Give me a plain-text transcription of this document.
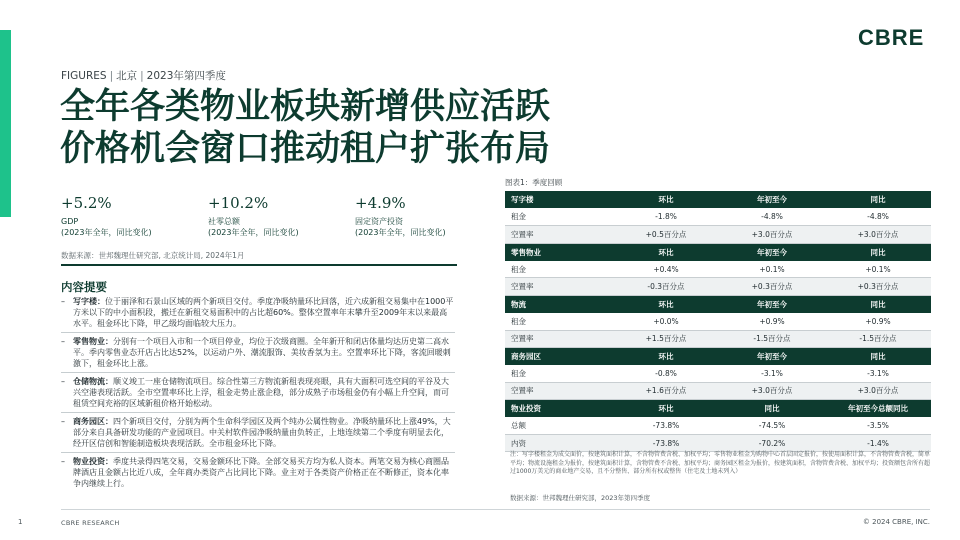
CBRE
FIGURES | 北京 | 2023年第四季度
全年各类物业板块新增供应活跃
价格机会窗口推动租户扩张布局
+5.2%
GDP
(2023年全年，同比变化)
+10.2%
社零总额
(2023年全年，同比变化)
+4.9%
固定资产投资
(2023年全年，同比变化)
数据来源：世邦魏理仕研究部, 北京统计局, 2024年1月
内容提要
– 写字楼：位于丽泽和石景山区域的两个新项目交付。季度净吸纳量环比回落，近六成新租交易集中在1000平方米以下的中小面积段，搬迁在新租交易面积中的占比超60%。整体空置率年末攀升至2009年末以来最高水平。租金环比下降，甲乙级均面临较大压力。
– 零售物业：分别有一个项目入市和一个项目停业，均位于次级商圈。全年新开和闭店体量均达历史第二高水平。季内零售业态开店占比达52%，以运动户外、潮流服饰、美妆香氛为主。空置率环比下降，客流回暖刺激下，租金环比上涨。
– 仓储物流：顺义竣工一座仓储物流项目。综合性第三方物流新租表现亮眼，具有大面积可选空间的平谷及大兴空港表现活跃。全市空置率环比上浮，租金走势止涨企稳，部分成熟子市场租金仍有小幅上升空间，而可租赁空间充裕的区域新租价格开始松动。
– 商务园区：四个新项目交付，分别为两个生命科学园区及两个纯办公属性物业。净吸纳量环比上涨49%，大部分来自具备研发功能的产业园项目。中关村软件园净吸纳量由负转正，上地连续第二个季度有明显去化，经开区信创和智能制造板块表现活跃。全市租金环比下降。
– 物业投资：季度共录得四笔交易，交易金额环比下降。全部交易买方均为私人资本。两笔交易为核心商圈品牌酒店且金额占比近八成，全年商办类资产占比同比下降。业主对于各类资产价格正在不断修正，资本化率争内继续上行。
图表1：季度回顾
写字楼	环比	年初至今	同比
租金	-1.8%	-4.8%	-4.8%
空置率	+0.5百分点	+3.0百分点	+3.0百分点
零售物业	环比	年初至今	同比
租金	+0.4%	+0.1%	+0.1%
空置率	-0.3百分点	+0.3百分点	+0.3百分点
物流	环比	年初至今	同比
租金	+0.0%	+0.9%	+0.9%
空置率	+1.5百分点	-1.5百分点	-1.5百分点
商务园区	环比	年初至今	同比
租金	-0.8%	-3.1%	-3.1%
空置率	+1.6百分点	+3.0百分点	+3.0百分点
物业投资	环比	同比	年初至今总额同比
总额	-73.8%	-74.5%	-3.5%
内资	-73.8%	-70.2%	-1.4%
注：写字楼租金为成交面价，按建筑面积计算，不含物管费含税、加权平均；零售物业租金为购物中心首层固定报价，按使用面积计算，不含物管费含税，简单平均；物流设施租金为报价，按建筑面积计算，含物管费不含税、加权平均；商务园区租金为报价，按建筑面积，含物管费含税、加权平均；投资额包含所有超过1000万美元的商业地产交易，且不分整售、部分所有权或整售（住宅及土地未列入）
数据来源：世邦魏理仕研究部，2023年第四季度
1	CBRE RESEARCH	© 2024 CBRE, INC.
